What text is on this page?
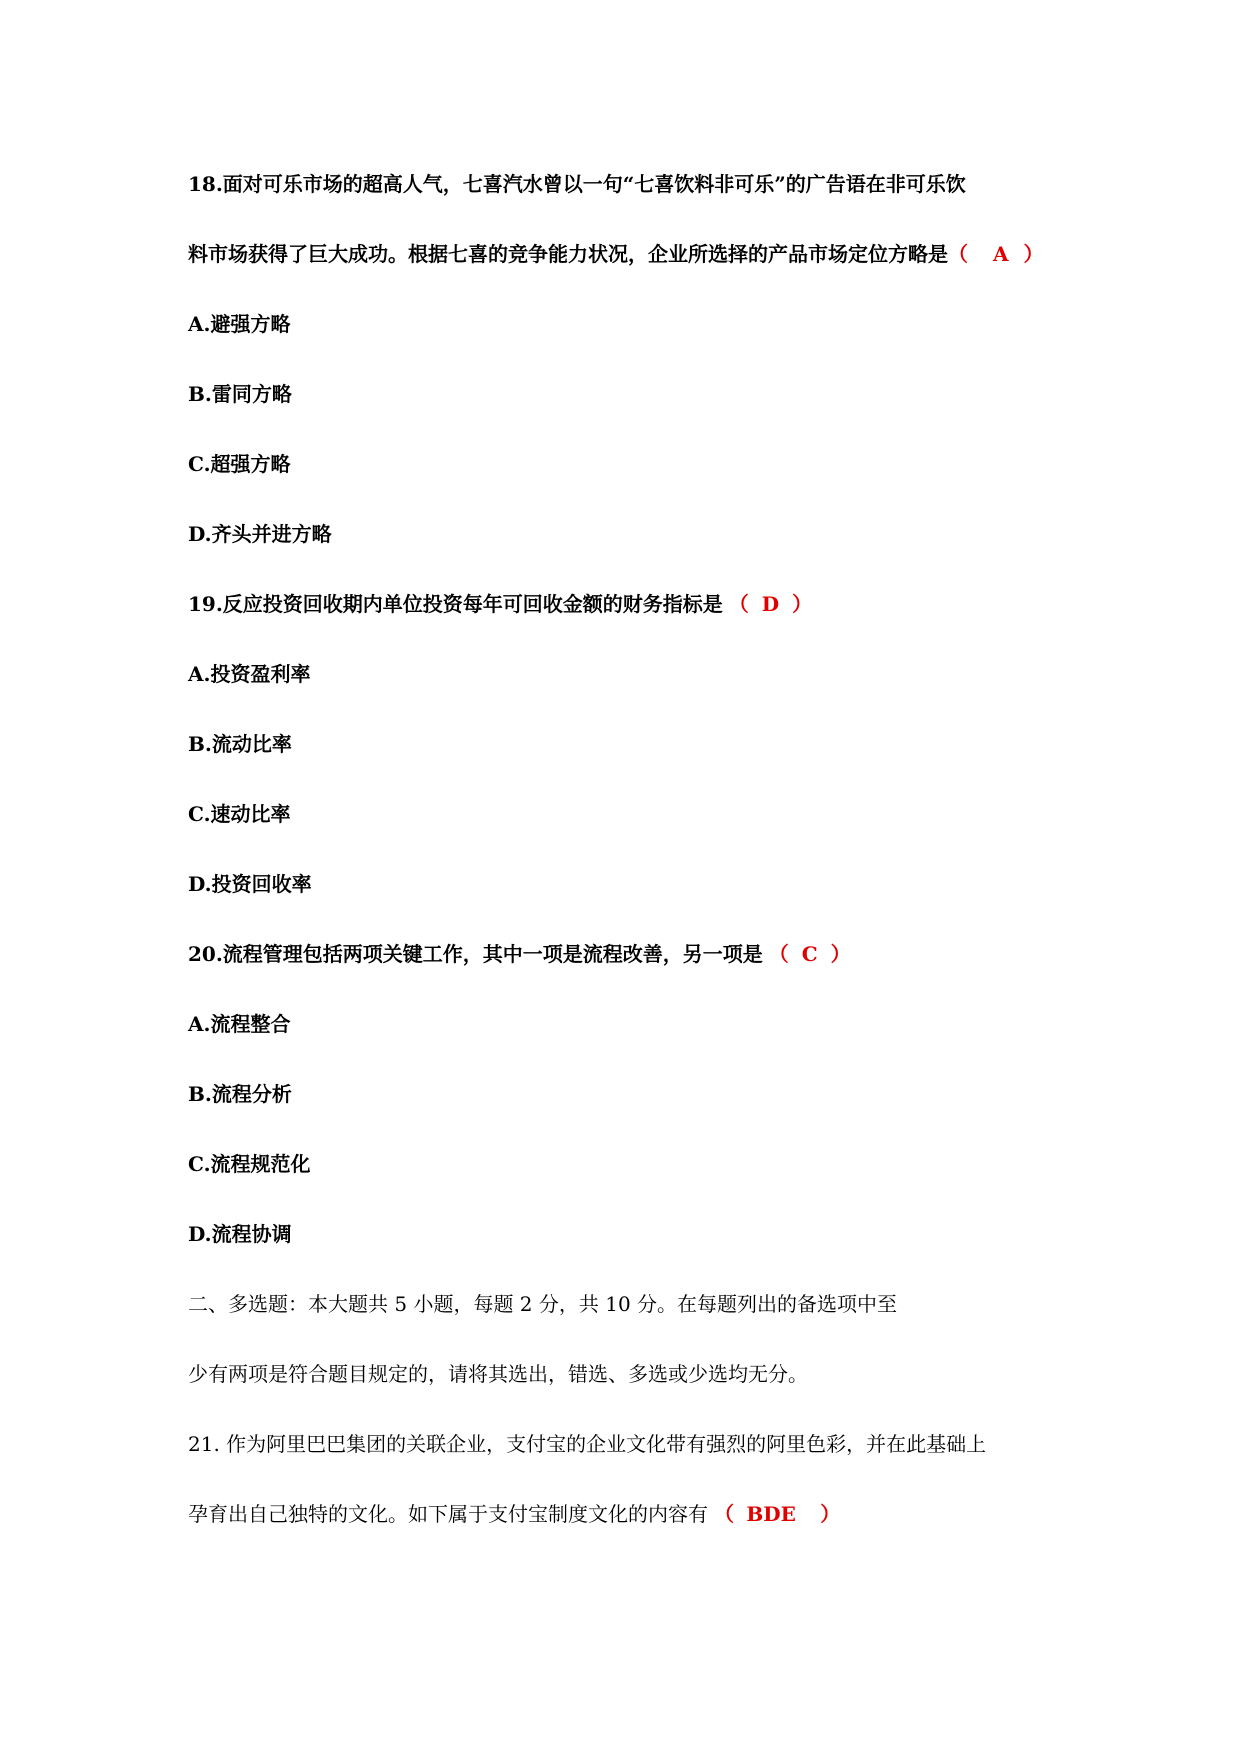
18.面对可乐市场的超高人气，七喜汽水曾以一句“七喜饮料非可乐”的广告语在非可乐饮
料市场获得了巨大成功。根据七喜的竞争能力状况，企业所选择的产品市场定位方略是（ A ）
A.避强方略
B.雷同方略
C.超强方略
D.齐头并进方略
19.反应投资回收期内单位投资每年可回收金额的财务指标是 （ D ）
A.投资盈利率
B.流动比率
C.速动比率
D.投资回收率
20.流程管理包括两项关键工作，其中一项是流程改善，另一项是 （ C ）
A.流程整合
B.流程分析
C.流程规范化
D.流程协调
二、多选题：本大题共 5 小题，每题 2 分，共 10 分。在每题列出的备选项中至
少有两项是符合题目规定的，请将其选出，错选、多选或少选均无分。
21. 作为阿里巴巴集团的关联企业，支付宝的企业文化带有强烈的阿里色彩，并在此基础上
孕育出自己独特的文化。如下属于支付宝制度文化的内容有 （ BDE ）
